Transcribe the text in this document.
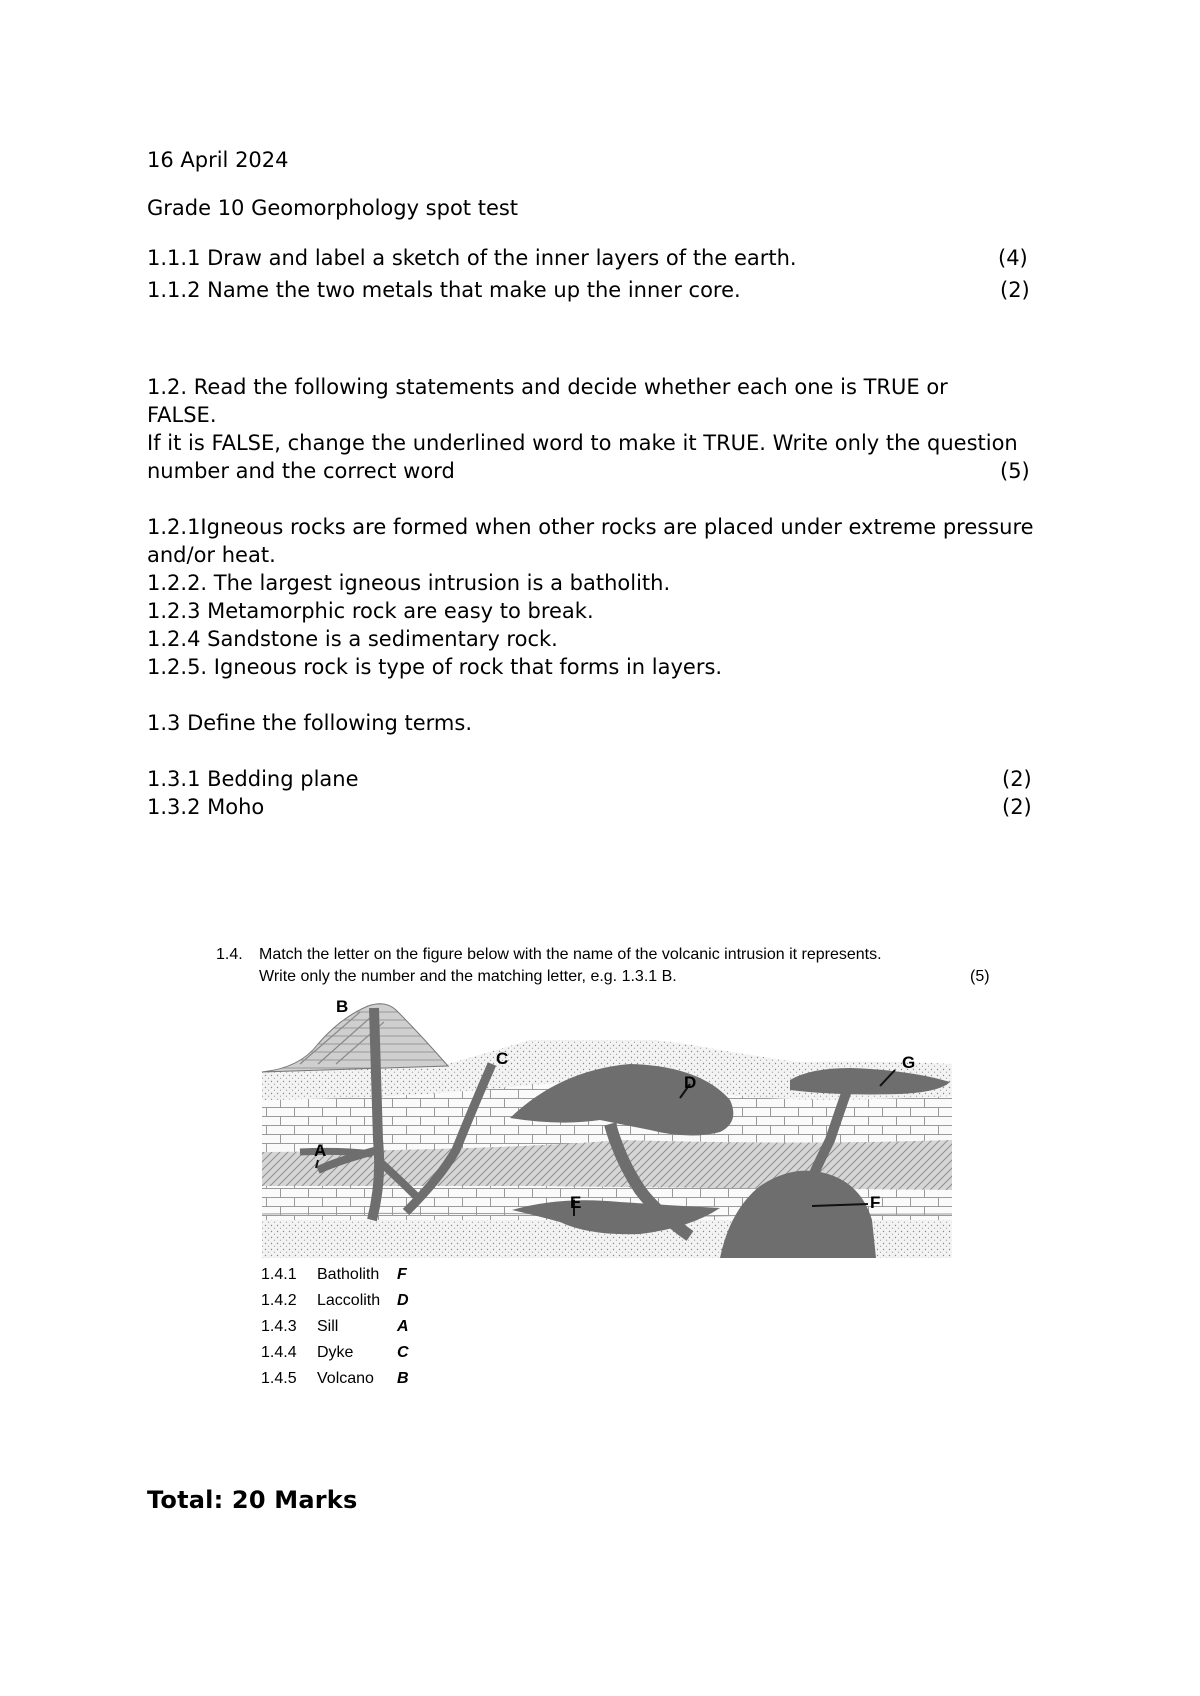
16 April 2024
Grade 10 Geomorphology spot test
1.1.1 Draw and label a sketch of the inner layers of the earth.	(4)
1.1.2 Name the two metals that make up the inner core.	(2)
1.2. Read the following statements and decide whether each one is TRUE or FALSE.
If it is FALSE, change the underlined word to make it TRUE. Write only the question number and the correct word	(5)
1.2.1Igneous rocks are formed when other rocks are placed under extreme pressure and/or heat.
1.2.2. The largest igneous intrusion is a batholith.
1.2.3 Metamorphic rock are easy to break.
1.2.4 Sandstone is a sedimentary rock.
1.2.5. Igneous rock is type of rock that forms in layers.
1.3 Define the following terms.
1.3.1 Bedding plane	(2)
1.3.2 Moho	(2)
1.4. Match the letter on the figure below with the name of the volcanic intrusion it represents.
Write only the number and the matching letter, e.g. 1.3.1 B.	(5)
B
C
D
G
A
E	F
1.4.1 Batholith F
1.4.2 Laccolith D
1.4.3 Sill	A
1.4.4 Dyke	C
1.4.5 Volcano B
Total: 20 Marks
